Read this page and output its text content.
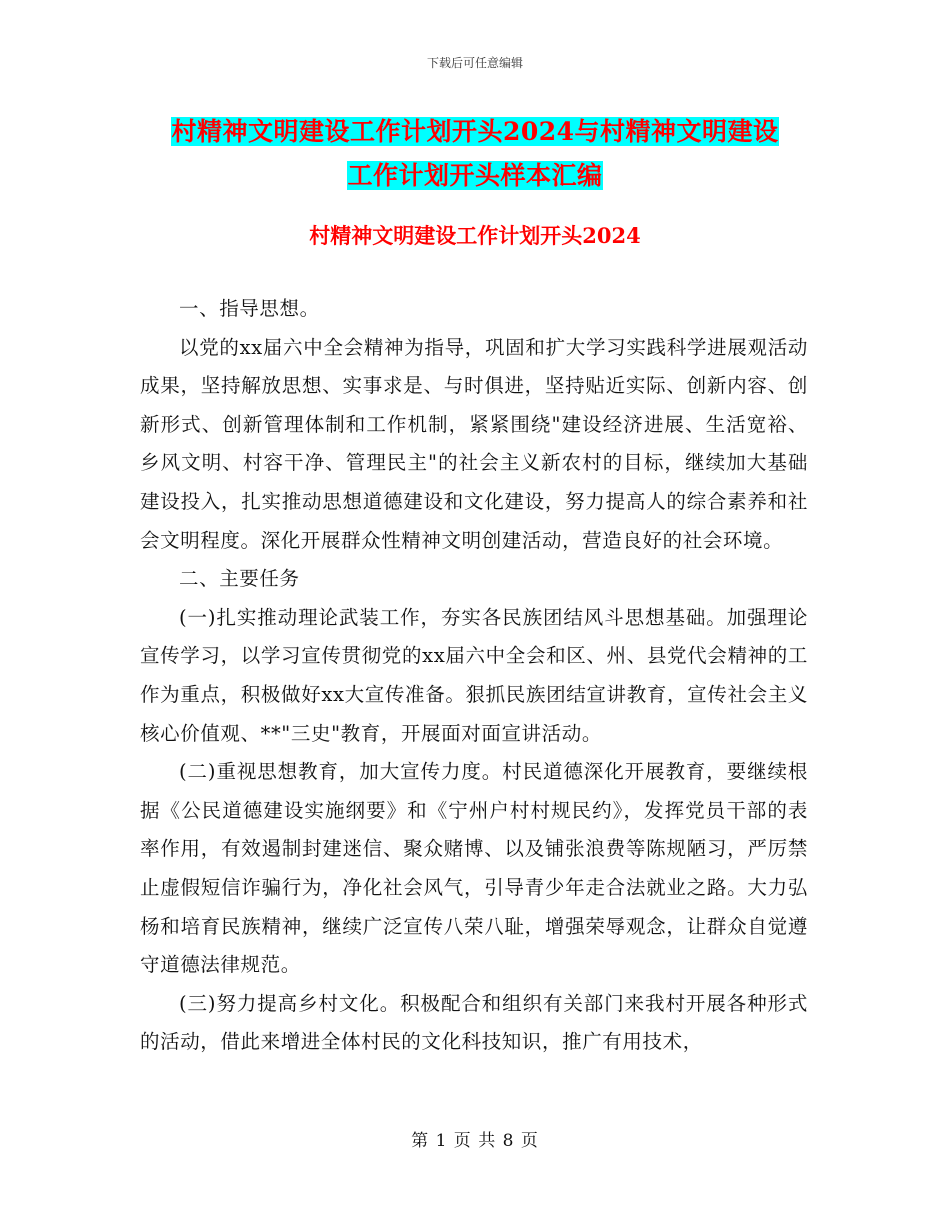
下载后可任意编辑
村精神文明建设工作计划开头2024与村精神文明建设
工作计划开头样本汇编
村精神文明建设工作计划开头2024

一、指导思想。

以党的xx届六中全会精神为指导，巩固和扩大学习实践科学进展观活动成果，坚持解放思想、实事求是、与时俱进，坚持贴近实际、创新内容、创新形式、创新管理体制和工作机制，紧紧围绕"建设经济进展、生活宽裕、乡风文明、村容干净、管理民主"的社会主义新农村的目标，继续加大基础建设投入，扎实推动思想道德建设和文化建设，努力提高人的综合素养和社会文明程度。深化开展群众性精神文明创建活动，营造良好的社会环境。

二、主要任务

(一)扎实推动理论武装工作，夯实各民族团结风斗思想基础。加强理论宣传学习，以学习宣传贯彻党的xx届六中全会和区、州、县党代会精神的工作为重点，积极做好xx大宣传准备。狠抓民族团结宣讲教育，宣传社会主义核心价值观、**"三史"教育，开展面对面宣讲活动。

(二)重视思想教育，加大宣传力度。村民道德深化开展教育，要继续根据《公民道德建设实施纲要》和《宁州户村村规民约》，发挥党员干部的表率作用，有效遏制封建迷信、聚众赌博、以及铺张浪费等陈规陋习，严厉禁止虚假短信诈骗行为，净化社会风气，引导青少年走合法就业之路。大力弘杨和培育民族精神，继续广泛宣传八荣八耻，增强荣辱观念，让群众自觉遵守道德法律规范。

(三)努力提高乡村文化。积极配合和组织有关部门来我村开展各种形式的活动，借此来增进全体村民的文化科技知识，推广有用技术，

第 1 页 共 8 页
